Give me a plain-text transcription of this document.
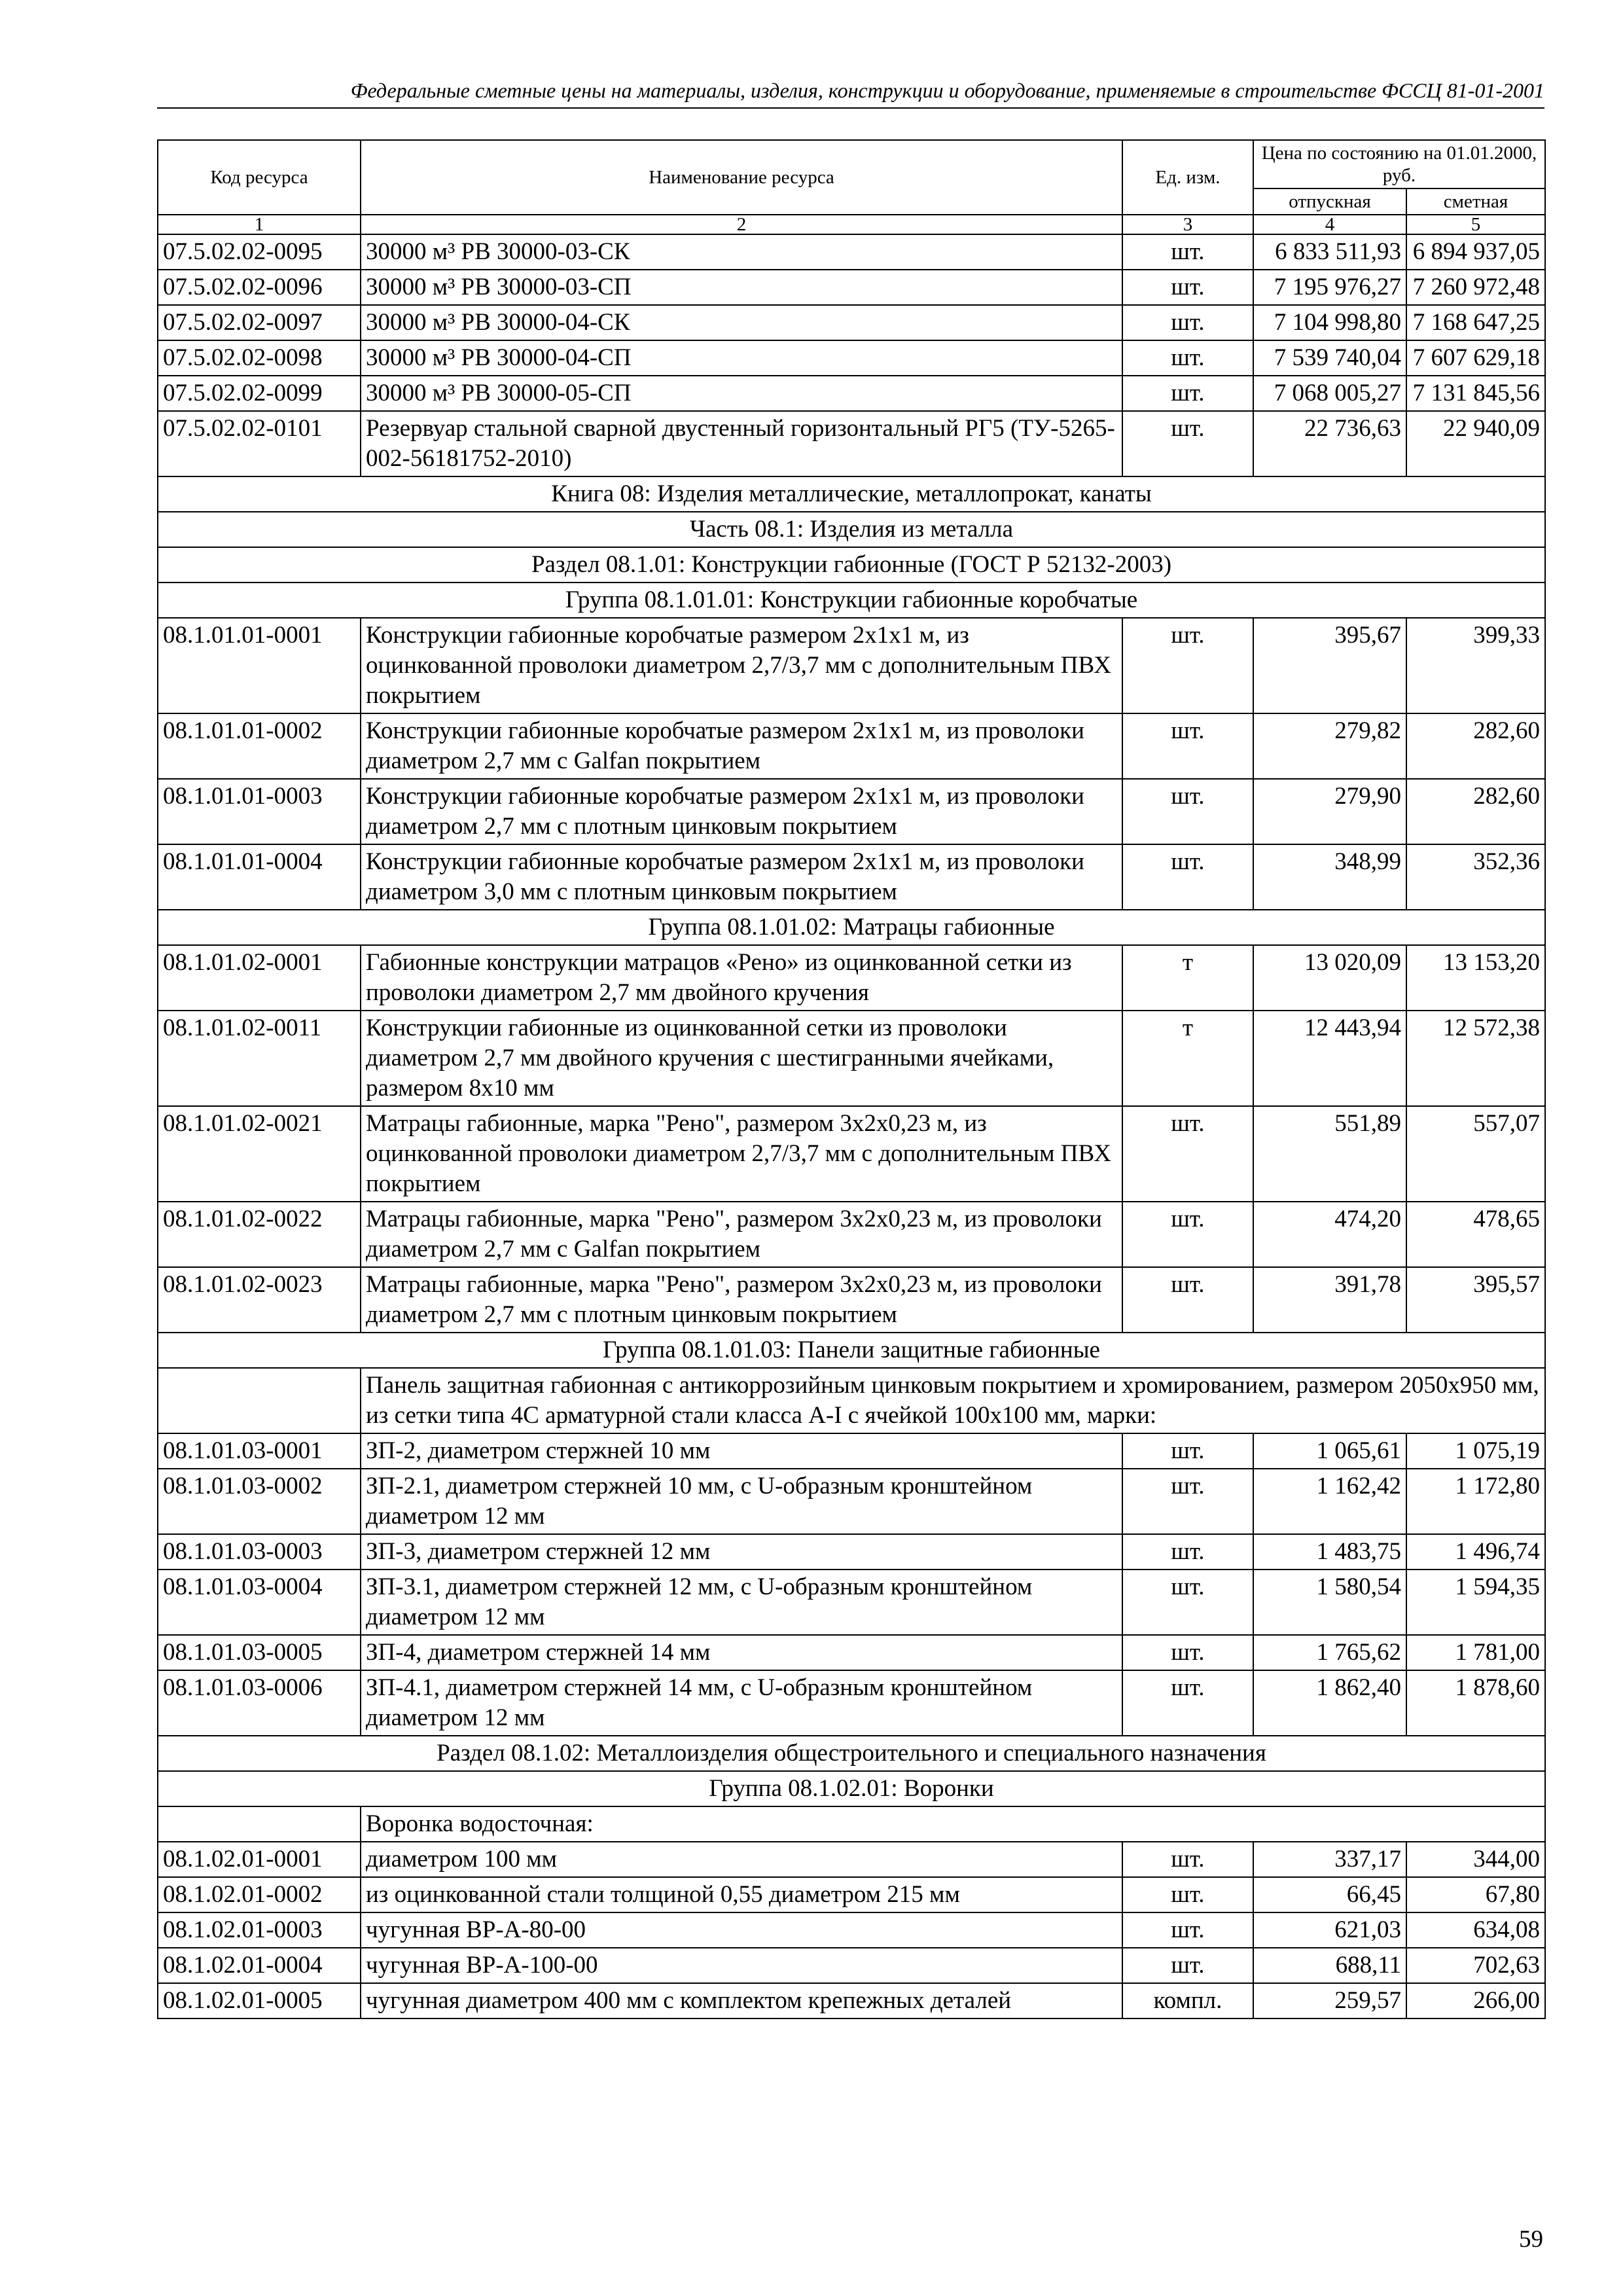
Федеральные сметные цены на материалы, изделия, конструкции и оборудование, применяемые в строительстве ФССЦ 81-01-2001
Код ресурса	Наименование ресурса	Ед. изм.	Цена по состоянию на 01.01.2000, руб.	
			отпускная	сметная
1	2	3	4	5
07.5.02.02-0095	30000 м³ РВ 30000-03-СК	шт.	6 833 511,93	6 894 937,05
07.5.02.02-0096	30000 м³ РВ 30000-03-СП	шт.	7 195 976,27	7 260 972,48
07.5.02.02-0097	30000 м³ РВ 30000-04-СК	шт.	7 104 998,80	7 168 647,25
07.5.02.02-0098	30000 м³ РВ 30000-04-СП	шт.	7 539 740,04	7 607 629,18
07.5.02.02-0099	30000 м³ РВ 30000-05-СП	шт.	7 068 005,27	7 131 845,56
07.5.02.02-0101	Резервуар стальной сварной двустенный горизонтальный РГ5 (ТУ-5265-002-56181752-2010)	шт.	22 736,63	22 940,09
Книга 08: Изделия металлические, металлопрокат, канаты				
Часть 08.1: Изделия из металла				
Раздел 08.1.01: Конструкции габионные (ГОСТ Р 52132-2003)				
Группа 08.1.01.01: Конструкции габионные коробчатые				
08.1.01.01-0001	Конструкции габионные коробчатые размером 2x1x1 м, из оцинкованной проволоки диаметром 2,7/3,7 мм с дополнительным ПВХ покрытием	шт.	395,67	399,33
08.1.01.01-0002	Конструкции габионные коробчатые размером 2x1x1 м, из проволоки диаметром 2,7 мм с Galfan покрытием	шт.	279,82	282,60
08.1.01.01-0003	Конструкции габионные коробчатые размером 2x1x1 м, из проволоки диаметром 2,7 мм с плотным цинковым покрытием	шт.	279,90	282,60
08.1.01.01-0004	Конструкции габионные коробчатые размером 2x1x1 м, из проволоки диаметром 3,0 мм с плотным цинковым покрытием	шт.	348,99	352,36
Группа 08.1.01.02: Матрацы габионные				
08.1.01.02-0001	Габионные конструкции матрацов «Рено» из оцинкованной сетки из проволоки диаметром 2,7 мм двойного кручения	т	13 020,09	13 153,20
08.1.01.02-0011	Конструкции габионные из оцинкованной сетки из проволоки диаметром 2,7 мм двойного кручения с шестигранными ячейками, размером 8x10 мм	т	12 443,94	12 572,38
08.1.01.02-0021	Матрацы габионные, марка "Рено", размером 3x2x0,23 м, из оцинкованной проволоки диаметром 2,7/3,7 мм с дополнительным ПВХ покрытием	шт.	551,89	557,07
08.1.01.02-0022	Матрацы габионные, марка "Рено", размером 3x2x0,23 м, из проволоки диаметром 2,7 мм с Galfan покрытием	шт.	474,20	478,65
08.1.01.02-0023	Матрацы габионные, марка "Рено", размером 3x2x0,23 м, из проволоки диаметром 2,7 мм с плотным цинковым покрытием	шт.	391,78	395,57
Группа 08.1.01.03: Панели защитные габионные				
	Панель защитная габионная с антикоррозийным цинковым покрытием и хромированием, размером 2050x950 мм, из сетки типа 4С арматурной стали класса А-I с ячейкой 100x100 мм, марки:			
08.1.01.03-0001	ЗП-2, диаметром стержней 10 мм	шт.	1 065,61	1 075,19
08.1.01.03-0002	ЗП-2.1, диаметром стержней 10 мм, с U-образным кронштейном диаметром 12 мм	шт.	1 162,42	1 172,80
08.1.01.03-0003	ЗП-3, диаметром стержней 12 мм	шт.	1 483,75	1 496,74
08.1.01.03-0004	ЗП-3.1, диаметром стержней 12 мм, с U-образным кронштейном диаметром 12 мм	шт.	1 580,54	1 594,35
08.1.01.03-0005	ЗП-4, диаметром стержней 14 мм	шт.	1 765,62	1 781,00
08.1.01.03-0006	ЗП-4.1, диаметром стержней 14 мм, с U-образным кронштейном диаметром 12 мм	шт.	1 862,40	1 878,60
Раздел 08.1.02: Металлоизделия общестроительного и специального назначения				
Группа 08.1.02.01: Воронки				
	Воронка водосточная:			
08.1.02.01-0001	диаметром 100 мм	шт.	337,17	344,00
08.1.02.01-0002	из оцинкованной стали толщиной 0,55 диаметром 215 мм	шт.	66,45	67,80
08.1.02.01-0003	чугунная ВР-А-80-00	шт.	621,03	634,08
08.1.02.01-0004	чугунная ВР-А-100-00	шт.	688,11	702,63
08.1.02.01-0005	чугунная диаметром 400 мм с комплектом крепежных деталей	компл.	259,57	266,00
59
